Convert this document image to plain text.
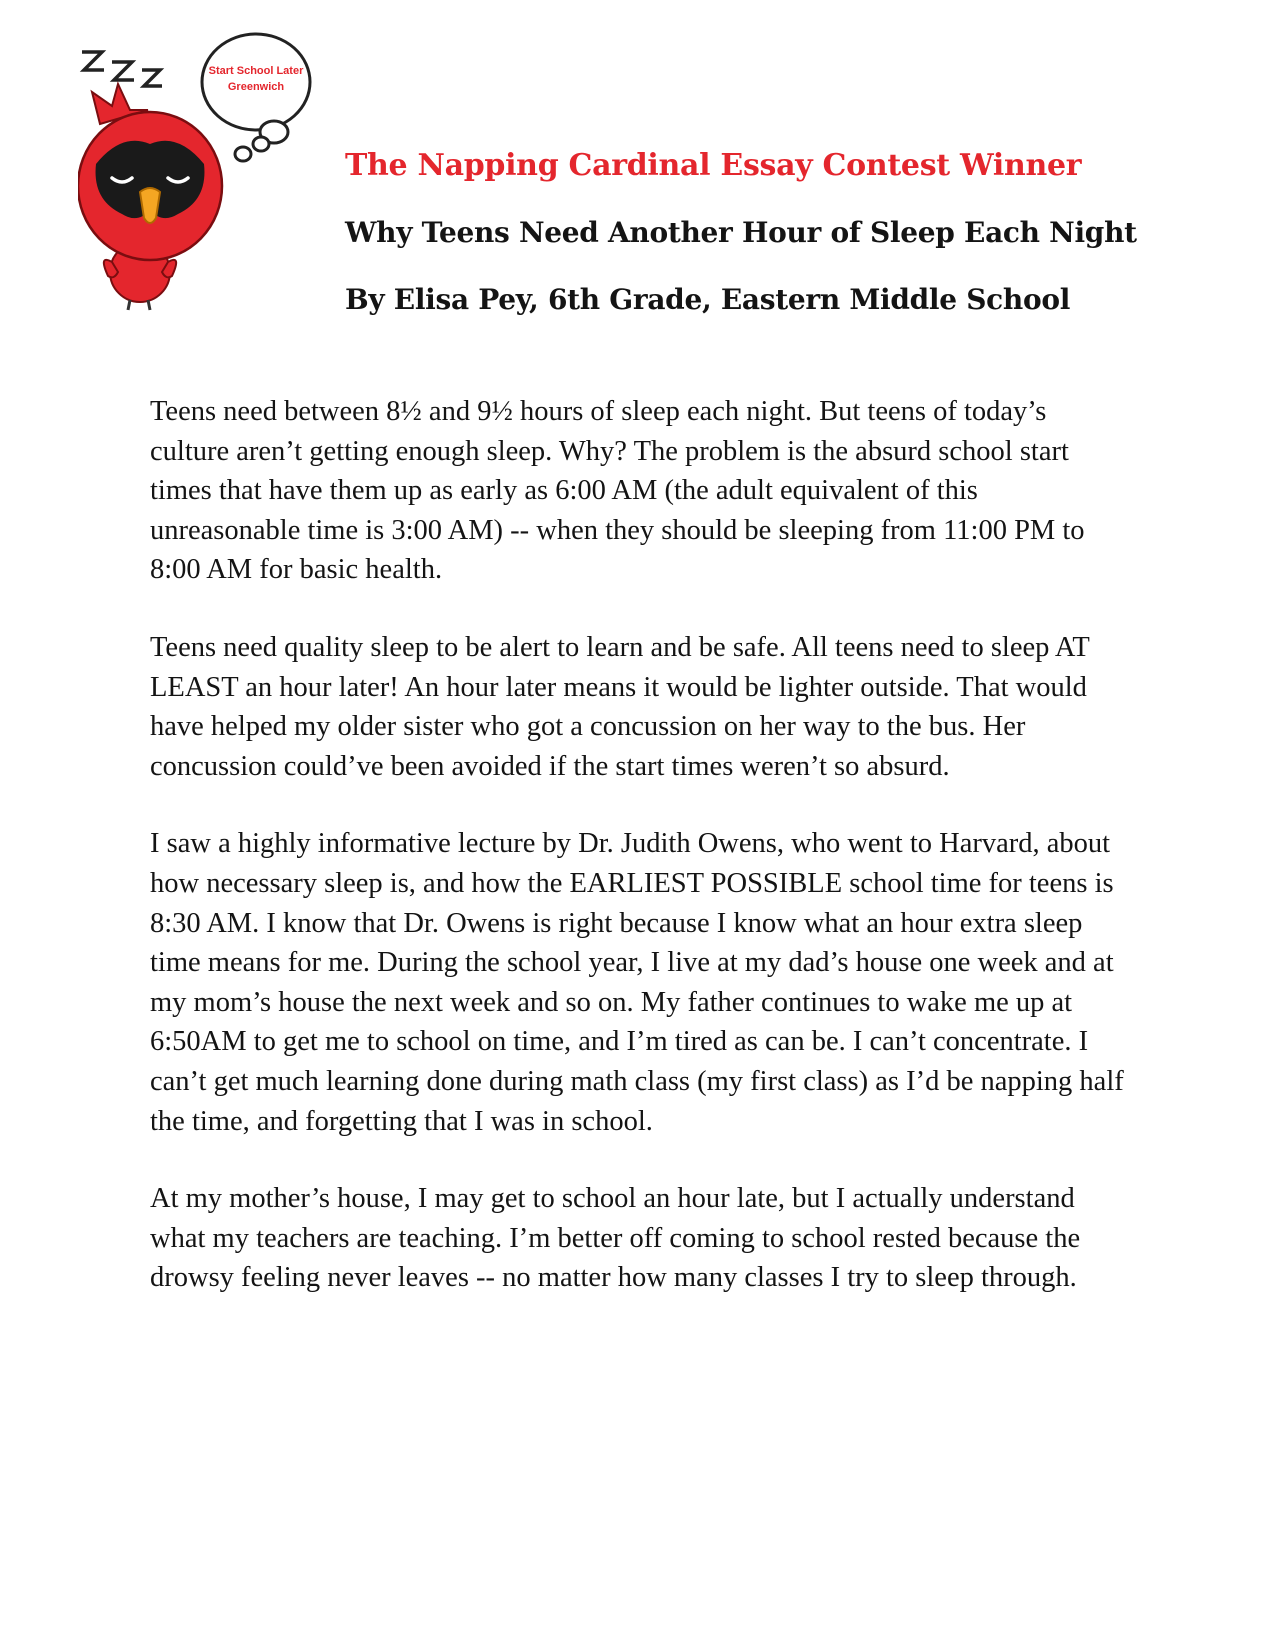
Start School Later
Greenwich
The Napping Cardinal Essay Contest Winner
Why Teens Need Another Hour of Sleep Each Night
By Elisa Pey, 6th Grade, Eastern Middle School

Teens need between 8½ and 9½ hours of sleep each night. But teens of today’s culture aren’t getting enough sleep. Why? The problem is the absurd school start times that have them up as early as 6:00 AM (the adult equivalent of this unreasonable time is 3:00 AM) -- when they should be sleeping from 11:00 PM to 8:00 AM for basic health.

Teens need quality sleep to be alert to learn and be safe. All teens need to sleep AT LEAST an hour later! An hour later means it would be lighter outside. That would have helped my older sister who got a concussion on her way to the bus. Her concussion could’ve been avoided if the start times weren’t so absurd.

I saw a highly informative lecture by Dr. Judith Owens, who went to Harvard, about how necessary sleep is, and how the EARLIEST POSSIBLE school time for teens is 8:30 AM. I know that Dr. Owens is right because I know what an hour extra sleep time means for me. During the school year, I live at my dad’s house one week and at my mom’s house the next week and so on. My father continues to wake me up at 6:50AM to get me to school on time, and I’m tired as can be. I can’t concentrate. I can’t get much learning done during math class (my first class) as I’d be napping half the time, and forgetting that I was in school.

At my mother’s house, I may get to school an hour late, but I actually understand what my teachers are teaching. I’m better off coming to school rested because the drowsy feeling never leaves -- no matter how many classes I try to sleep through.
